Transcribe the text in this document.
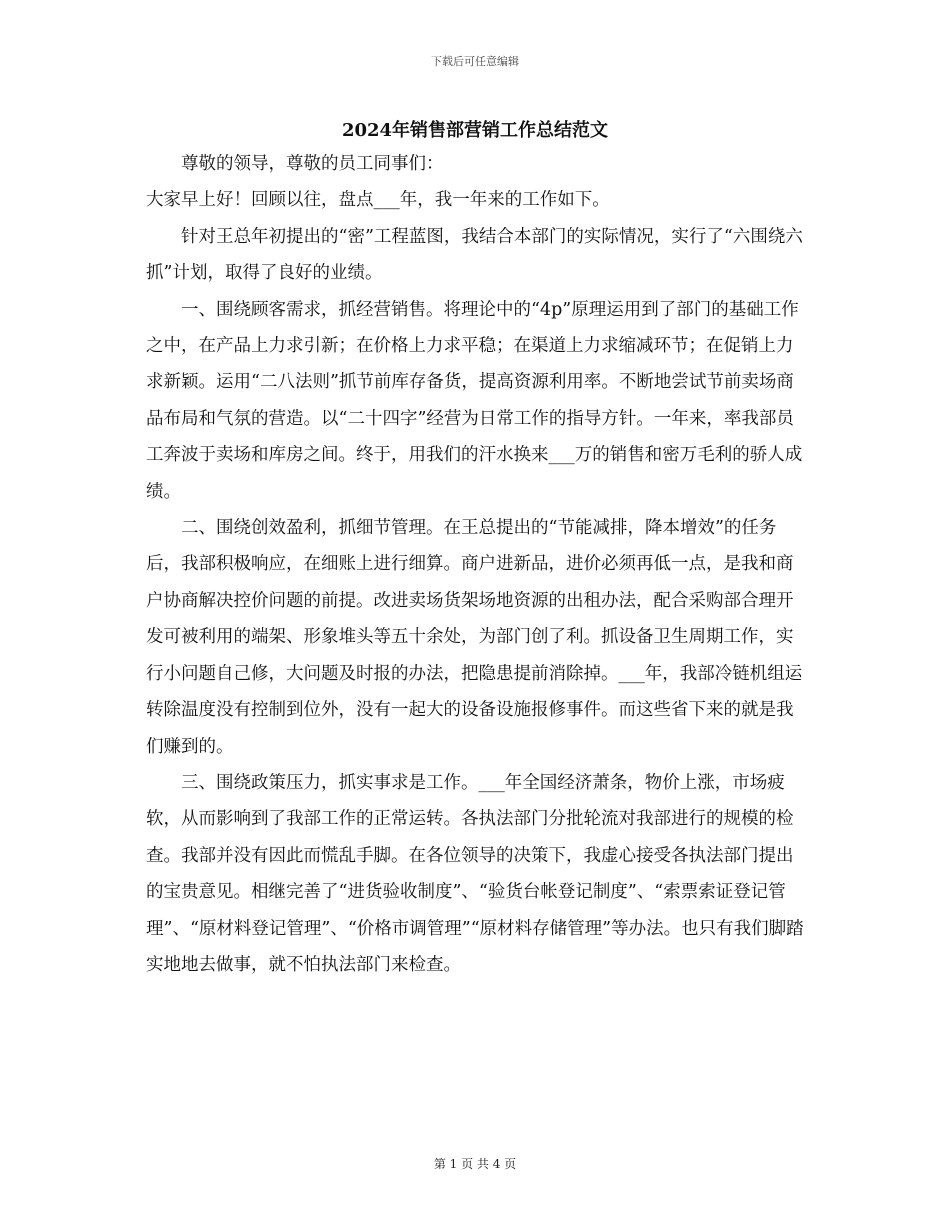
下载后可任意编辑
2024年销售部营销工作总结范文

尊敬的领导，尊敬的员工同事们：

大家早上好！回顾以往，盘点___年，我一年来的工作如下。

针对王总年初提出的“密”工程蓝图，我结合本部门的实际情况，实行了“六围绕六抓”计划，取得了良好的业绩。

一、围绕顾客需求，抓经营销售。将理论中的“4p”原理运用到了部门的基础工作之中，在产品上力求引新；在价格上力求平稳；在渠道上力求缩减环节；在促销上力求新颖。运用“二八法则”抓节前库存备货，提高资源利用率。不断地尝试节前卖场商品布局和气氛的营造。以“二十四字”经营为日常工作的指导方针。一年来，率我部员工奔波于卖场和库房之间。终于，用我们的汗水换来___万的销售和密万毛利的骄人成绩。

二、围绕创效盈利，抓细节管理。在王总提出的“节能减排，降本增效”的任务后，我部积极响应，在细账上进行细算。商户进新品，进价必须再低一点，是我和商户协商解决控价问题的前提。改进卖场货架场地资源的出租办法，配合采购部合理开发可被利用的端架、形象堆头等五十余处，为部门创了利。抓设备卫生周期工作，实行小问题自己修，大问题及时报的办法，把隐患提前消除掉。___年，我部冷链机组运转除温度没有控制到位外，没有一起大的设备设施报修事件。而这些省下来的就是我们赚到的。

三、围绕政策压力，抓实事求是工作。___年全国经济萧条，物价上涨，市场疲软，从而影响到了我部工作的正常运转。各执法部门分批轮流对我部进行的规模的检查。我部并没有因此而慌乱手脚。在各位领导的决策下，我虚心接受各执法部门提出的宝贵意见。相继完善了“进货验收制度”、“验货台帐登记制度”、“索票索证登记管理”、“原材料登记管理”、“价格市调管理”“原材料存储管理”等办法。也只有我们脚踏实地地去做事，就不怕执法部门来检查。

第 1 页 共 4 页
